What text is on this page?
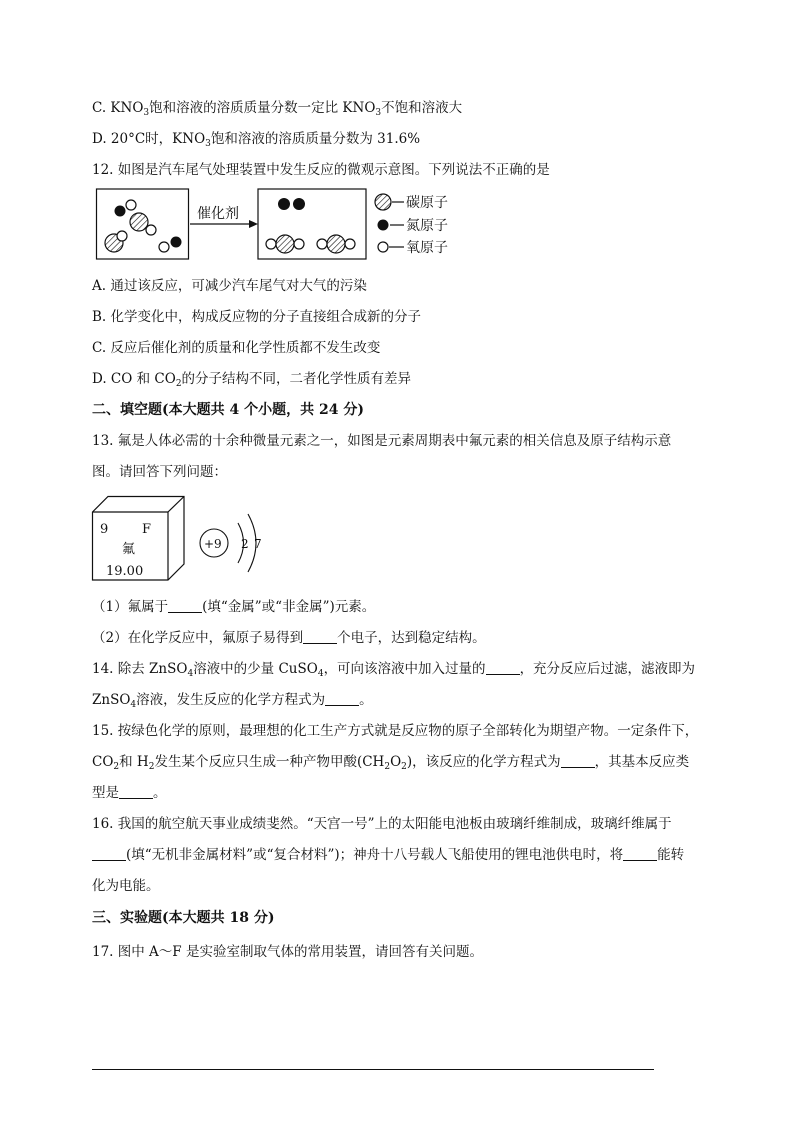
C. $KNO_3$饱和溶液的溶质质量分数一定比 $KNO_3$不饱和溶液大
D. 20°C时，$KNO_3$饱和溶液的溶质质量分数为 31.6%
12. 如图是汽车尾气处理装置中发生反应的微观示意图。下列说法不正确的是
催化剂
碳原子
氮原子
氧原子
A. 通过该反应，可减少汽车尾气对大气的污染
B. 化学变化中，构成反应物的分子直接组合成新的分子
C. 反应后催化剂的质量和化学性质都不发生改变
D. CO 和 $CO_2$的分子结构不同，二者化学性质有差异
二、填空题(本大题共 4 个小题，共 24 分)
13. 氟是人体必需的十余种微量元素之一，如图是元素周期表中氟元素的相关信息及原子结构示意
图。请回答下列问题：
9	F
氟
19.00
+9 2 7
（1）氟属于	(填“金属”或“非金属”)元素。
（2）在化学反应中，氟原子易得到	个电子，达到稳定结构。
14. 除去 ZnSO$_4$溶液中的少量 CuSO$_4$，可向该溶液中加入过量的	，充分反应后过滤，滤液即为
ZnSO$_4$溶液，发生反应的化学方程式为	。
15. 按绿色化学的原则，最理想的化工生产方式就是反应物的原子全部转化为期望产物。一定条件下，
$CO_2$和 $H_2$发生某个反应只生成一种产物甲酸$(CH_2O_2)$，该反应的化学方程式为	，其基本反应类
型是	。
16. 我国的航空航天事业成绩斐然。“天宫一号”上的太阳能电池板由玻璃纤维制成，玻璃纤维属于
(填“无机非金属材料”或“复合材料”)；神舟十八号载人飞船使用的锂电池供电时，将	能转
化为电能。
三、实验题(本大题共 18 分)
17. 图中 A～F 是实验室制取气体的常用装置，请回答有关问题。
